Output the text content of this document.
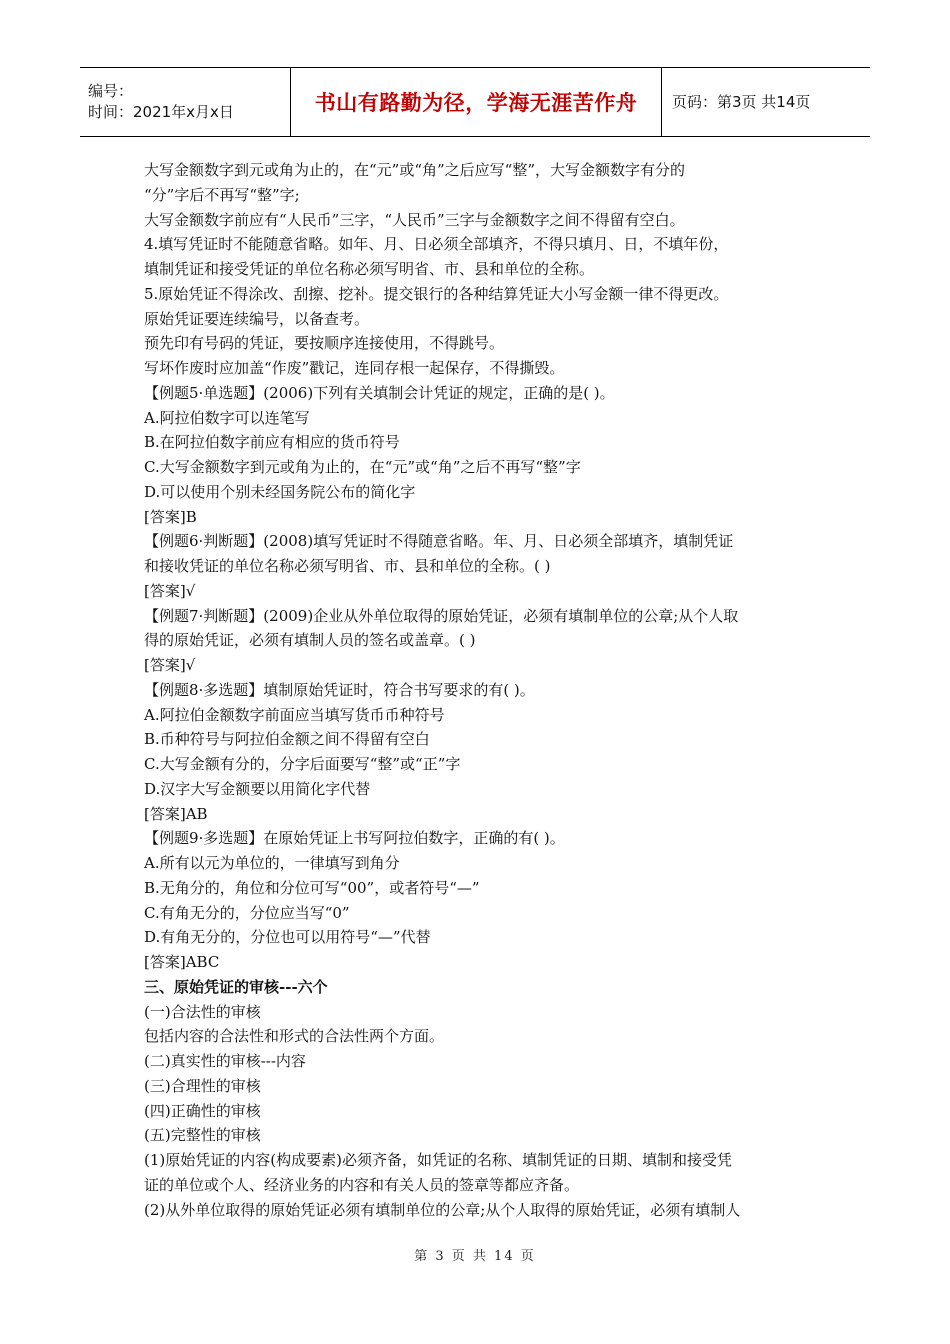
编号：
时间：2021年x月x日	书山有路勤为径，学海无涯苦作舟	页码：第3页 共14页

大写金额数字到元或角为止的，在“元”或“角”之后应写“整”，大写金额数字有分的

“分”字后不再写“整”字;

大写金额数字前应有“人民币”三字，“人民币”三字与金额数字之间不得留有空白。

4.填写凭证时不能随意省略。如年、月、日必须全部填齐，不得只填月、日，不填年份，

填制凭证和接受凭证的单位名称必须写明省、市、县和单位的全称。

5.原始凭证不得涂改、刮擦、挖补。提交银行的各种结算凭证大小写金额一律不得更改。

原始凭证要连续编号，以备查考。

预先印有号码的凭证，要按顺序连接使用，不得跳号。

写坏作废时应加盖“作废”戳记，连同存根一起保存，不得撕毁。

【例题5·单选题】(2006)下列有关填制会计凭证的规定，正确的是( )。

A.阿拉伯数字可以连笔写

B.在阿拉伯数字前应有相应的货币符号

C.大写金额数字到元或角为止的，在“元”或“角”之后不再写“整”字

D.可以使用个别未经国务院公布的简化字

[答案]B

【例题6·判断题】(2008)填写凭证时不得随意省略。年、月、日必须全部填齐，填制凭证

和接收凭证的单位名称必须写明省、市、县和单位的全称。( )

[答案]√

【例题7·判断题】(2009)企业从外单位取得的原始凭证，必须有填制单位的公章;从个人取

得的原始凭证，必须有填制人员的签名或盖章。( )

[答案]√

【例题8·多选题】填制原始凭证时，符合书写要求的有( )。

A.阿拉伯金额数字前面应当填写货币币种符号

B.币种符号与阿拉伯金额之间不得留有空白

C.大写金额有分的，分字后面要写“整”或“正”字

D.汉字大写金额要以用简化字代替

[答案]AB

【例题9·多选题】在原始凭证上书写阿拉伯数字，正确的有( )。

A.所有以元为单位的，一律填写到角分

B.无角分的，角位和分位可写“00”，或者符号“—”

C.有角无分的，分位应当写“0”

D.有角无分的，分位也可以用符号“—”代替

[答案]ABC

三、原始凭证的审核---六个

(一)合法性的审核

包括内容的合法性和形式的合法性两个方面。

(二)真实性的审核---内容

(三)合理性的审核

(四)正确性的审核

(五)完整性的审核

(1)原始凭证的内容(构成要素)必须齐备，如凭证的名称、填制凭证的日期、填制和接受凭

证的单位或个人、经济业务的内容和有关人员的签章等都应齐备。

(2)从外单位取得的原始凭证必须有填制单位的公章;从个人取得的原始凭证，必须有填制人

第 3 页 共 14 页
